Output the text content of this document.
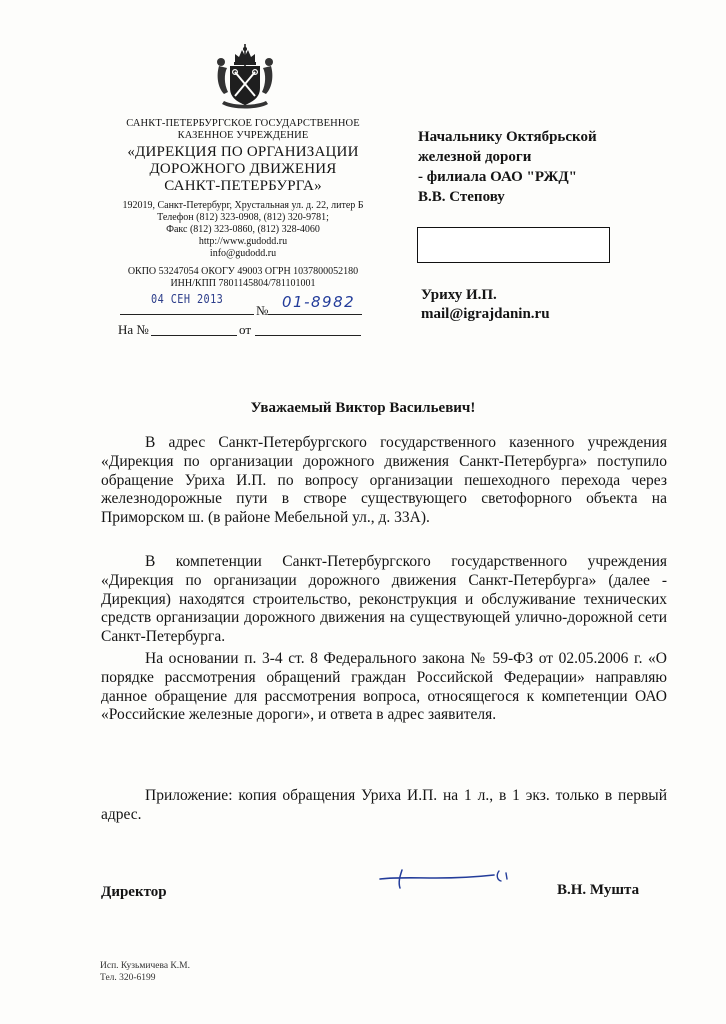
САНКТ-ПЕТЕРБУРГСКОЕ ГОСУДАРСТВЕННОЕ
КАЗЕННОЕ УЧРЕЖДЕНИЕ
«ДИРЕКЦИЯ ПО ОРГАНИЗАЦИИ
ДОРОЖНОГО ДВИЖЕНИЯ
САНКТ-ПЕТЕРБУРГА»
192019, Санкт-Петербург, Хрустальная ул. д. 22, литер Б
Телефон (812) 323-0908, (812) 320-9781;
Факс (812) 323-0860, (812) 328-4060
http://www.gudodd.ru
info@gudodd.ru
ОКПО 53247054 ОКОГУ 49003 ОГРН 1037800052180
ИНН/КПП 7801145804/781101001
04 СЕН 2013
№ 01-8982
На №	от
Начальнику Октябрьской
железной дороги
- филиала ОАО "РЖД"
В.В. Степову
Уриху И.П.
mail@igrajdanin.ru
Уважаемый Виктор Васильевич!
В адрес Санкт-Петербургского государственного казенного учреждения «Дирекция по организации дорожного движения Санкт-Петербурга» поступило обращение Уриха И.П. по вопросу организации пешеходного перехода через железнодорожные пути в створе существующего светофорного объекта на Приморском ш. (в районе Мебельной ул., д. 33А).
В компетенции Санкт-Петербургского государственного учреждения «Дирекция по организации дорожного движения Санкт-Петербурга» (далее - Дирекция) находятся строительство, реконструкция и обслуживание технических средств организации дорожного движения на существующей улично-дорожной сети Санкт-Петербурга.
На основании п. 3-4 ст. 8 Федерального закона № 59-ФЗ от 02.05.2006 г. «О порядке рассмотрения обращений граждан Российской Федерации» направляю данное обращение для рассмотрения вопроса, относящегося к компетенции ОАО «Российские железные дороги», и ответа в адрес заявителя.
Приложение: копия обращения Уриха И.П. на 1 л., в 1 экз. только в первый адрес.
Директор	В.Н. Мушта
Исп. Кузьмичева К.М.
Тел. 320-6199
